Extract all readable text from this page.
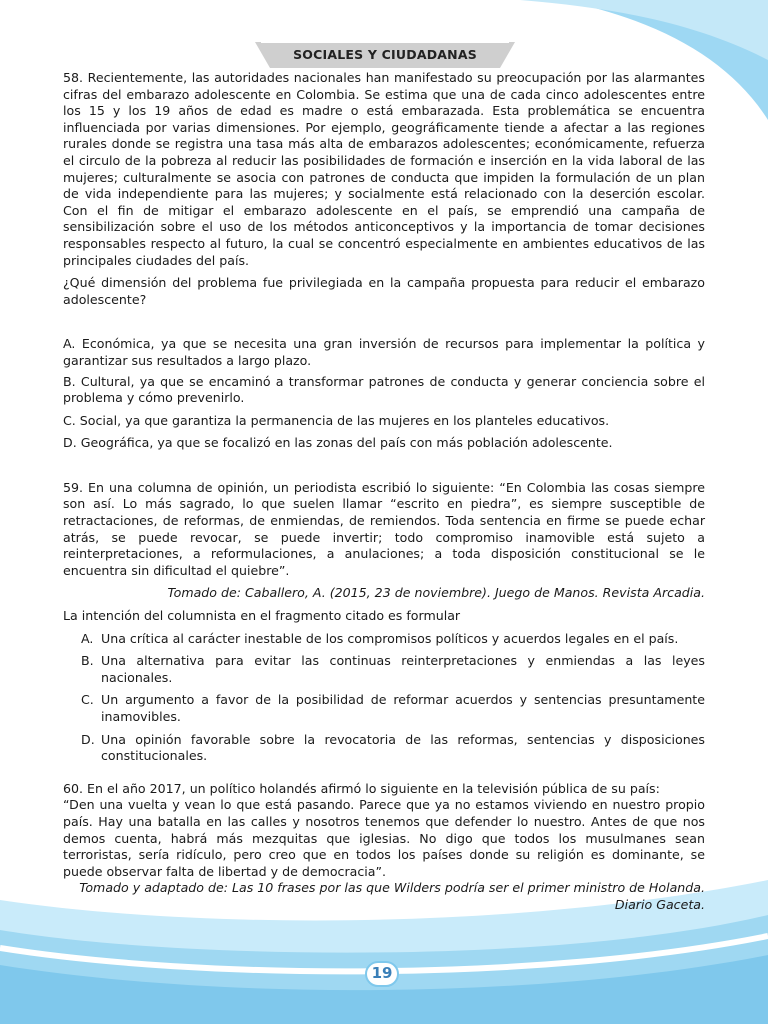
SOCIALES Y CIUDADANAS

58. Recientemente, las autoridades nacionales han manifestado su preocupación por las alarmantes cifras del embarazo adolescente en Colombia. Se estima que una de cada cinco adolescentes entre los 15 y los 19 años de edad es madre o está embarazada. Esta problemática se encuentra influenciada por varias dimensiones. Por ejemplo, geográficamente tiende a afectar a las regiones rurales donde se registra una tasa más alta de embarazos adolescentes; económicamente, refuerza el circulo de la pobreza al reducir las posibilidades de formación e inserción en la vida laboral de las mujeres; culturalmente se asocia con patrones de conducta que impiden la formulación de un plan de vida independiente para las mujeres; y socialmente está relacionado con la deserción escolar. Con el fin de mitigar el embarazo adolescente en el país, se emprendió una campaña de sensibilización sobre el uso de los métodos anticonceptivos y la importancia de tomar decisiones responsables respecto al futuro, la cual se concentró especialmente en ambientes educativos de las principales ciudades del país.

¿Qué dimensión del problema fue privilegiada en la campaña propuesta para reducir el embarazo adolescente?

A. Económica, ya que se necesita una gran inversión de recursos para implementar la política y garantizar sus resultados a largo plazo.

B. Cultural, ya que se encaminó a transformar patrones de conducta y generar conciencia sobre el problema y cómo prevenirlo.

C. Social, ya que garantiza la permanencia de las mujeres en los planteles educativos.

D. Geográfica, ya que se focalizó en las zonas del país con más población adolescente.

59. En una columna de opinión, un periodista escribió lo siguiente: “En Colombia las cosas siempre son así. Lo más sagrado, lo que suelen llamar “escrito en piedra”, es siempre susceptible de retractaciones, de reformas, de enmiendas, de remiendos. Toda sentencia en firme se puede echar atrás, se puede revocar, se puede invertir; todo compromiso inamovible está sujeto a reinterpretaciones, a reformulaciones, a anulaciones; a toda disposición constitucional se le encuentra sin dificultad el quiebre”.

Tomado de: Caballero, A. (2015, 23 de noviembre). Juego de Manos. Revista Arcadia.

La intención del columnista en el fragmento citado es formular

A. Una crítica al carácter inestable de los compromisos políticos y acuerdos legales en el país.
B. Una alternativa para evitar las continuas reinterpretaciones y enmiendas a las leyes nacionales.
C. Un argumento a favor de la posibilidad de reformar acuerdos y sentencias presuntamente inamovibles.
D. Una opinión favorable sobre la revocatoria de las reformas, sentencias y disposiciones constitucionales.

60. En el año 2017, un político holandés afirmó lo siguiente en la televisión pública de su país:

“Den una vuelta y vean lo que está pasando. Parece que ya no estamos viviendo en nuestro propio país. Hay una batalla en las calles y nosotros tenemos que defender lo nuestro. Antes de que nos demos cuenta, habrá más mezquitas que iglesias. No digo que todos los musulmanes sean terroristas, sería ridículo, pero creo que en todos los países donde su religión es dominante, se puede observar falta de libertad y de democracia”.

Tomado y adaptado de: Las 10 frases por las que Wilders podría ser el primer ministro de Holanda.

Diario Gaceta.

19
